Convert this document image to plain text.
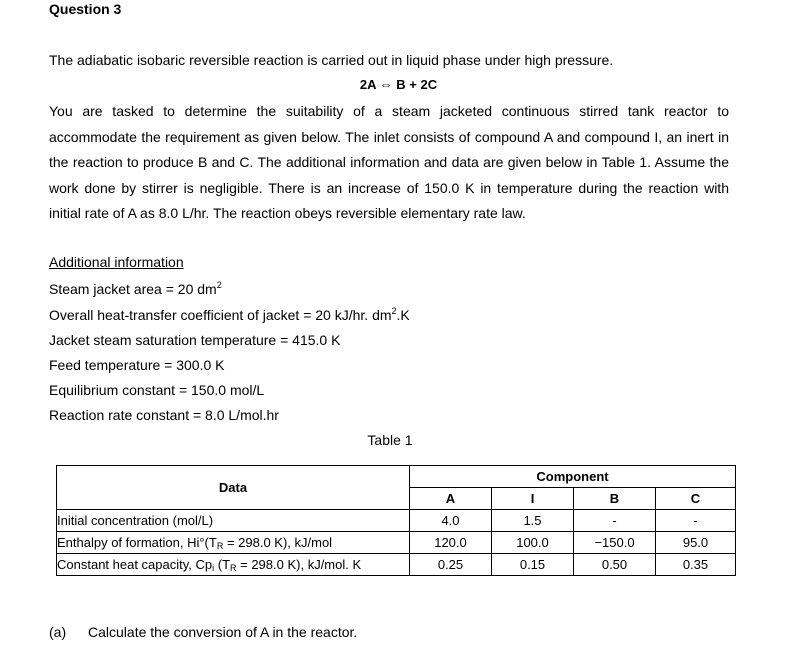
Question 3
The adiabatic isobaric reversible reaction is carried out in liquid phase under high pressure.
2A ⇔ B + 2C
You are tasked to determine the suitability of a steam jacketed continuous stirred tank reactor to accommodate the requirement as given below. The inlet consists of compound A and compound I, an inert in the reaction to produce B and C. The additional information and data are given below in Table 1. Assume the work done by stirrer is negligible. There is an increase of 150.0 K in temperature during the reaction with initial rate of A as 8.0 L/hr. The reaction obeys reversible elementary rate law.
Additional information
Steam jacket area = 20 $dm^2$
Overall heat-transfer coefficient of jacket = 20 kJ/hr. $dm^2.K$
Jacket steam saturation temperature = 415.0 K
Feed temperature = 300.0 K
Equilibrium constant = 150.0 mol/L
Reaction rate constant = 8.0 L/mol.hr
Table 1
Data	Component			
	A	I	B	C
Initial concentration (mol/L)	4.0	1.5	-	-
Enthalpy of formation, $Hi^\circ(T_R = 298.0$ K), kJ/mol	120.0	100.0	−150.0	95.0
Constant heat capacity, $Cp_i$ ($T_R = 298.0$ K), kJ/mol. K	0.25	0.15	0.50	0.35
(a) Calculate the conversion of A in the reactor.
